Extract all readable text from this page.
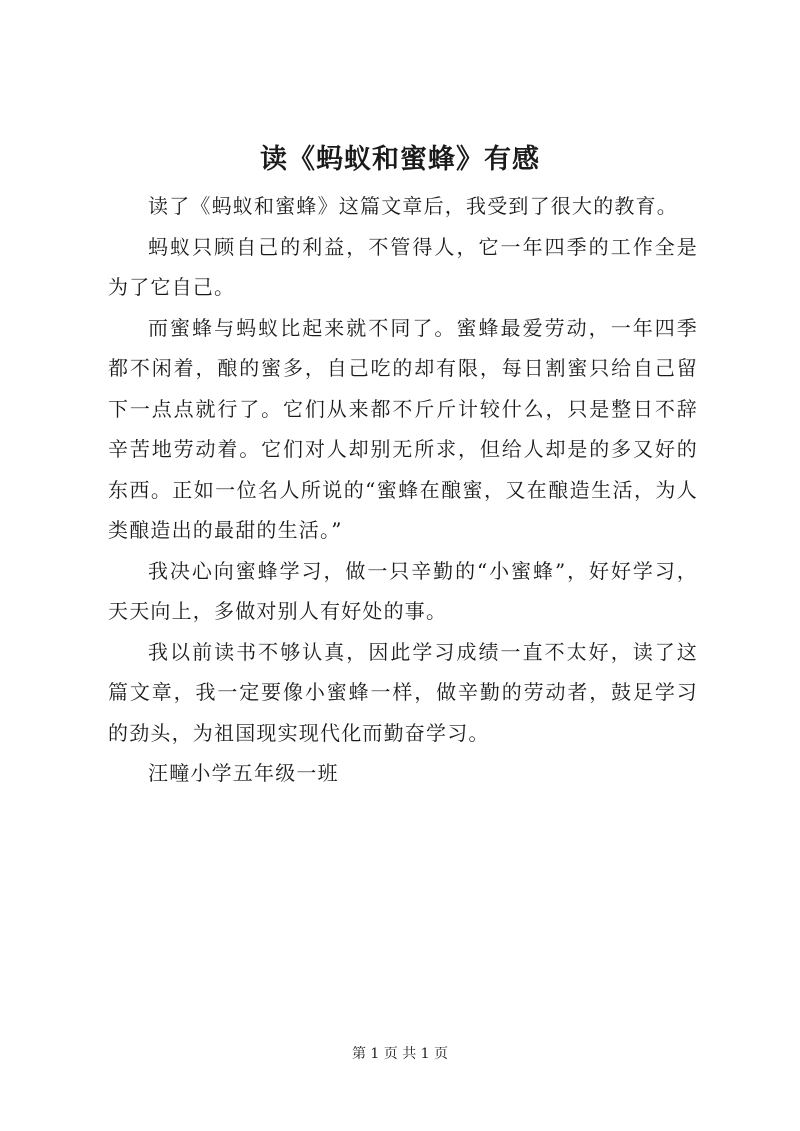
读《蚂蚁和蜜蜂》有感

读了《蚂蚁和蜜蜂》这篇文章后，我受到了很大的教育。

蚂蚁只顾自己的利益，不管得人，它一年四季的工作全是为了它自己。

而蜜蜂与蚂蚁比起来就不同了。蜜蜂最爱劳动，一年四季都不闲着，酿的蜜多，自己吃的却有限，每日割蜜只给自己留下一点点就行了。它们从来都不斤斤计较什么，只是整日不辞辛苦地劳动着。它们对人却别无所求，但给人却是的多又好的东西。正如一位名人所说的“蜜蜂在酿蜜，又在酿造生活，为人类酿造出的最甜的生活。”

我决心向蜜蜂学习，做一只辛勤的“小蜜蜂”，好好学习，天天向上，多做对别人有好处的事。

我以前读书不够认真，因此学习成绩一直不太好，读了这篇文章，我一定要像小蜜蜂一样，做辛勤的劳动者，鼓足学习的劲头，为祖国现实现代化而勤奋学习。

汪疃小学五年级一班

第 1 页 共 1 页
